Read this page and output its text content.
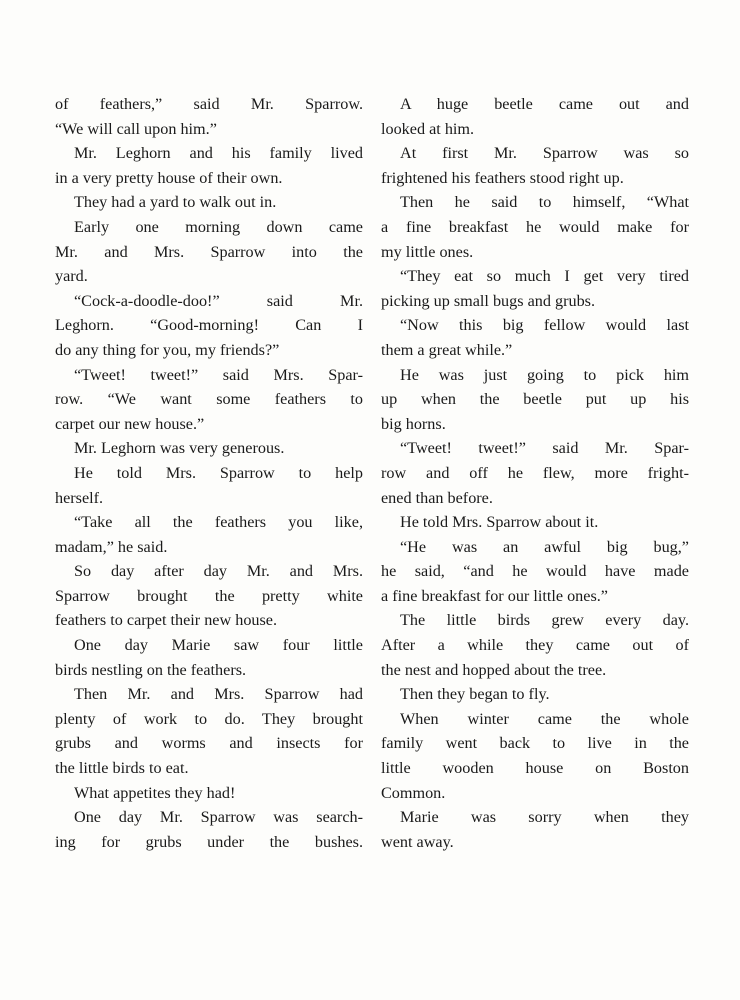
of feathers,” said Mr. Sparrow.
“We will call upon him.”
Mr. Leghorn and his family lived
in a very pretty house of their own.
They had a yard to walk out in.
Early one morning down came
Mr. and Mrs. Sparrow into the
yard.
“Cock-a-doodle-doo!” said Mr.
Leghorn. “Good-morning! Can I
do any thing for you, my friends?”
“Tweet! tweet!” said Mrs. Spar-
row. “We want some feathers to
carpet our new house.”
Mr. Leghorn was very generous.
He told Mrs. Sparrow to help
herself.
“Take all the feathers you like,
madam,” he said.
So day after day Mr. and Mrs.
Sparrow brought the pretty white
feathers to carpet their new house.
One day Marie saw four little
birds nestling on the feathers.
Then Mr. and Mrs. Sparrow had
plenty of work to do. They brought
grubs and worms and insects for
the little birds to eat.
What appetites they had!
One day Mr. Sparrow was search-
ing for grubs under the bushes.
A huge beetle came out and
looked at him.
At first Mr. Sparrow was so
frightened his feathers stood right up.
Then he said to himself, “What
a fine breakfast he would make for
my little ones.
“They eat so much I get very tired
picking up small bugs and grubs.
“Now this big fellow would last
them a great while.”
He was just going to pick him
up when the beetle put up his
big horns.
“Tweet! tweet!” said Mr. Spar-
row and off he flew, more fright-
ened than before.
He told Mrs. Sparrow about it.
“He was an awful big bug,”
he said, “and he would have made
a fine breakfast for our little ones.”
The little birds grew every day.
After a while they came out of
the nest and hopped about the tree.
Then they began to fly.
When winter came the whole
family went back to live in the
little wooden house on Boston
Common.
Marie was sorry when they
went away.
